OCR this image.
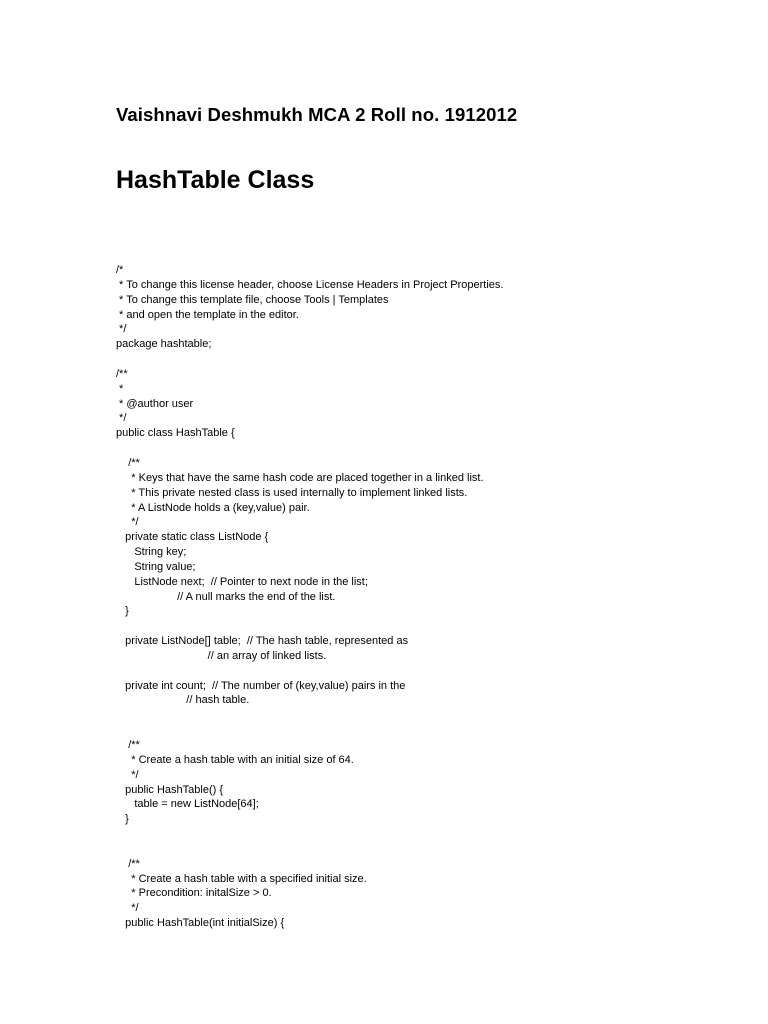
Vaishnavi Deshmukh MCA 2 Roll no. 1912012
HashTable Class
/*
* To change this license header, choose License Headers in Project Properties.
* To change this template file, choose Tools | Templates
* and open the template in the editor.
*/
package hashtable;
/**
*
* @author user
*/
public class HashTable {
/**
* Keys that have the same hash code are placed together in a linked list.
* This private nested class is used internally to implement linked lists.
* A ListNode holds a (key,value) pair.
*/
private static class ListNode {
String key;
String value;
ListNode next;  // Pointer to next node in the list;
// A null marks the end of the list.
}
private ListNode[] table;  // The hash table, represented as
// an array of linked lists.
private int count;  // The number of (key,value) pairs in the
// hash table.
/**
* Create a hash table with an initial size of 64.
*/
public HashTable() {
table = new ListNode[64];
}
/**
* Create a hash table with a specified initial size.
* Precondition: initalSize > 0.
*/
public HashTable(int initialSize) {
